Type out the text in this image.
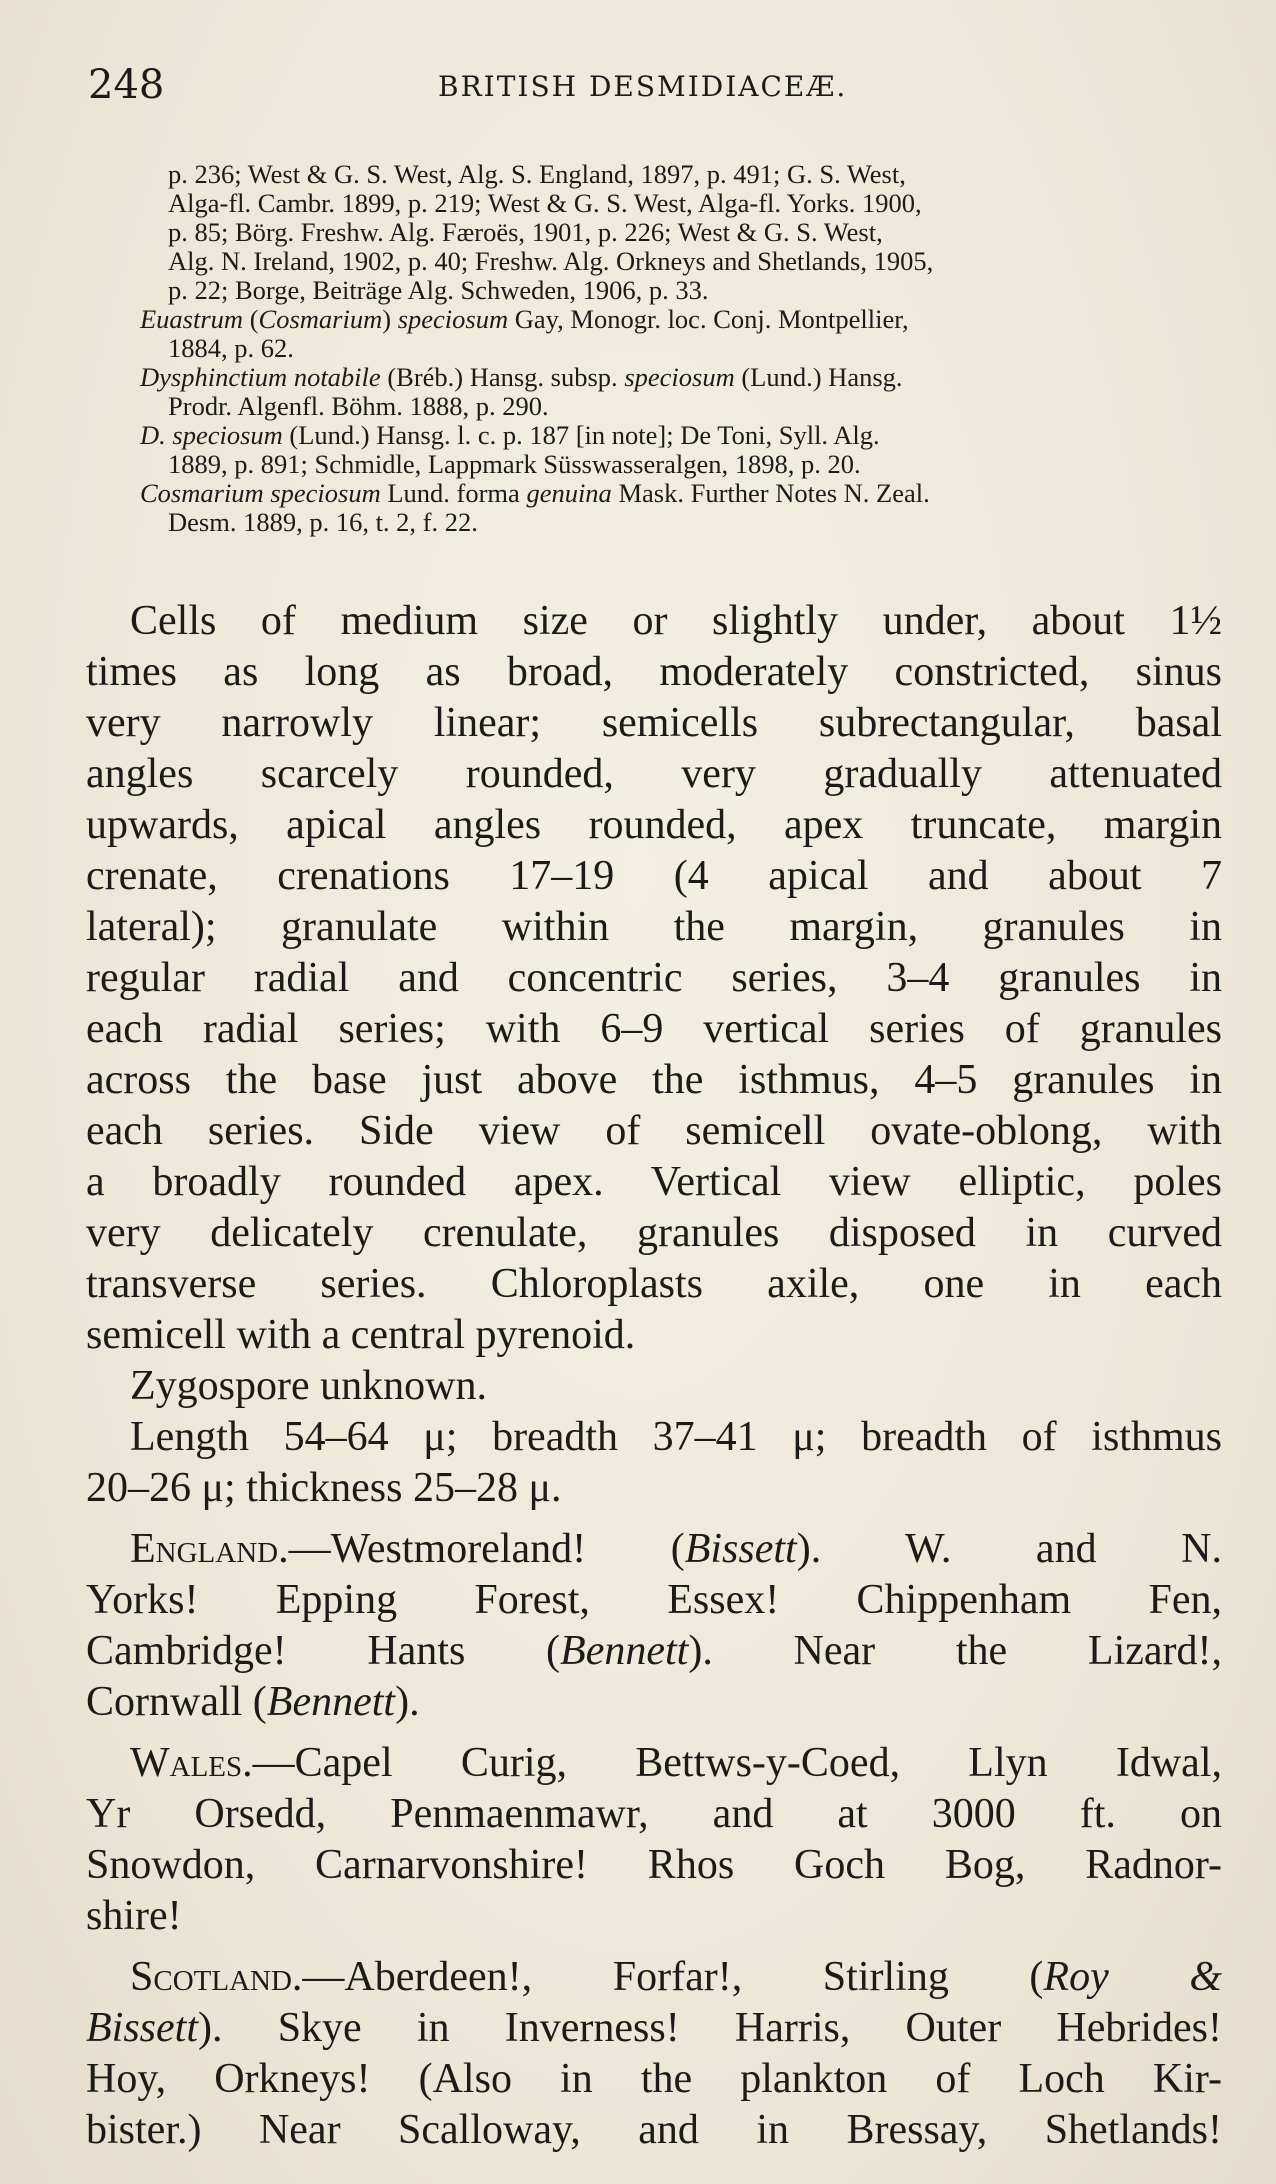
248	BRITISH DESMIDIACEÆ.
p. 236; West & G. S. West, Alg. S. England, 1897, p. 491; G. S. West,
Alga-fl. Cambr. 1899, p. 219; West & G. S. West, Alga-fl. Yorks. 1900,
p. 85; Börg. Freshw. Alg. Færoës, 1901, p. 226; West & G. S. West,
Alg. N. Ireland, 1902, p. 40; Freshw. Alg. Orkneys and Shetlands, 1905,
p. 22; Borge, Beiträge Alg. Schweden, 1906, p. 33.
Euastrum (Cosmarium) speciosum Gay, Monogr. loc. Conj. Montpellier,
1884, p. 62.
Dysphinctium notabile (Bréb.) Hansg. subsp. speciosum (Lund.) Hansg.
Prodr. Algenfl. Böhm. 1888, p. 290.
D. speciosum (Lund.) Hansg. l. c. p. 187 [in note]; De Toni, Syll. Alg.
1889, p. 891; Schmidle, Lappmark Süsswasseralgen, 1898, p. 20.
Cosmarium speciosum Lund. forma genuina Mask. Further Notes N. Zeal.
Desm. 1889, p. 16, t. 2, f. 22.
Cells of medium size or slightly under, about 1½
times as long as broad, moderately constricted, sinus
very narrowly linear; semicells subrectangular, basal
angles scarcely rounded, very gradually attenuated
upwards, apical angles rounded, apex truncate, margin
crenate, crenations 17–19 (4 apical and about 7
lateral); granulate within the margin, granules in
regular radial and concentric series, 3–4 granules in
each radial series; with 6–9 vertical series of granules
across the base just above the isthmus, 4–5 granules in
each series. Side view of semicell ovate-oblong, with
a broadly rounded apex. Vertical view elliptic, poles
very delicately crenulate, granules disposed in curved
transverse series. Chloroplasts axile, one in each
semicell with a central pyrenoid.
Zygospore unknown.
Length 54–64 μ; breadth 37–41 μ; breadth of isthmus
20–26 μ; thickness 25–28 μ.
England.—Westmoreland! (Bissett). W. and N.
Yorks! Epping Forest, Essex! Chippenham Fen,
Cambridge! Hants (Bennett). Near the Lizard!,
Cornwall (Bennett).
Wales.—Capel Curig, Bettws-y-Coed, Llyn Idwal,
Yr Orsedd, Penmaenmawr, and at 3000 ft. on
Snowdon, Carnarvonshire! Rhos Goch Bog, Radnor-
shire!
Scotland.—Aberdeen!, Forfar!, Stirling (Roy &
Bissett). Skye in Inverness! Harris, Outer Hebrides!
Hoy, Orkneys! (Also in the plankton of Loch Kir-
bister.) Near Scalloway, and in Bressay, Shetlands!
